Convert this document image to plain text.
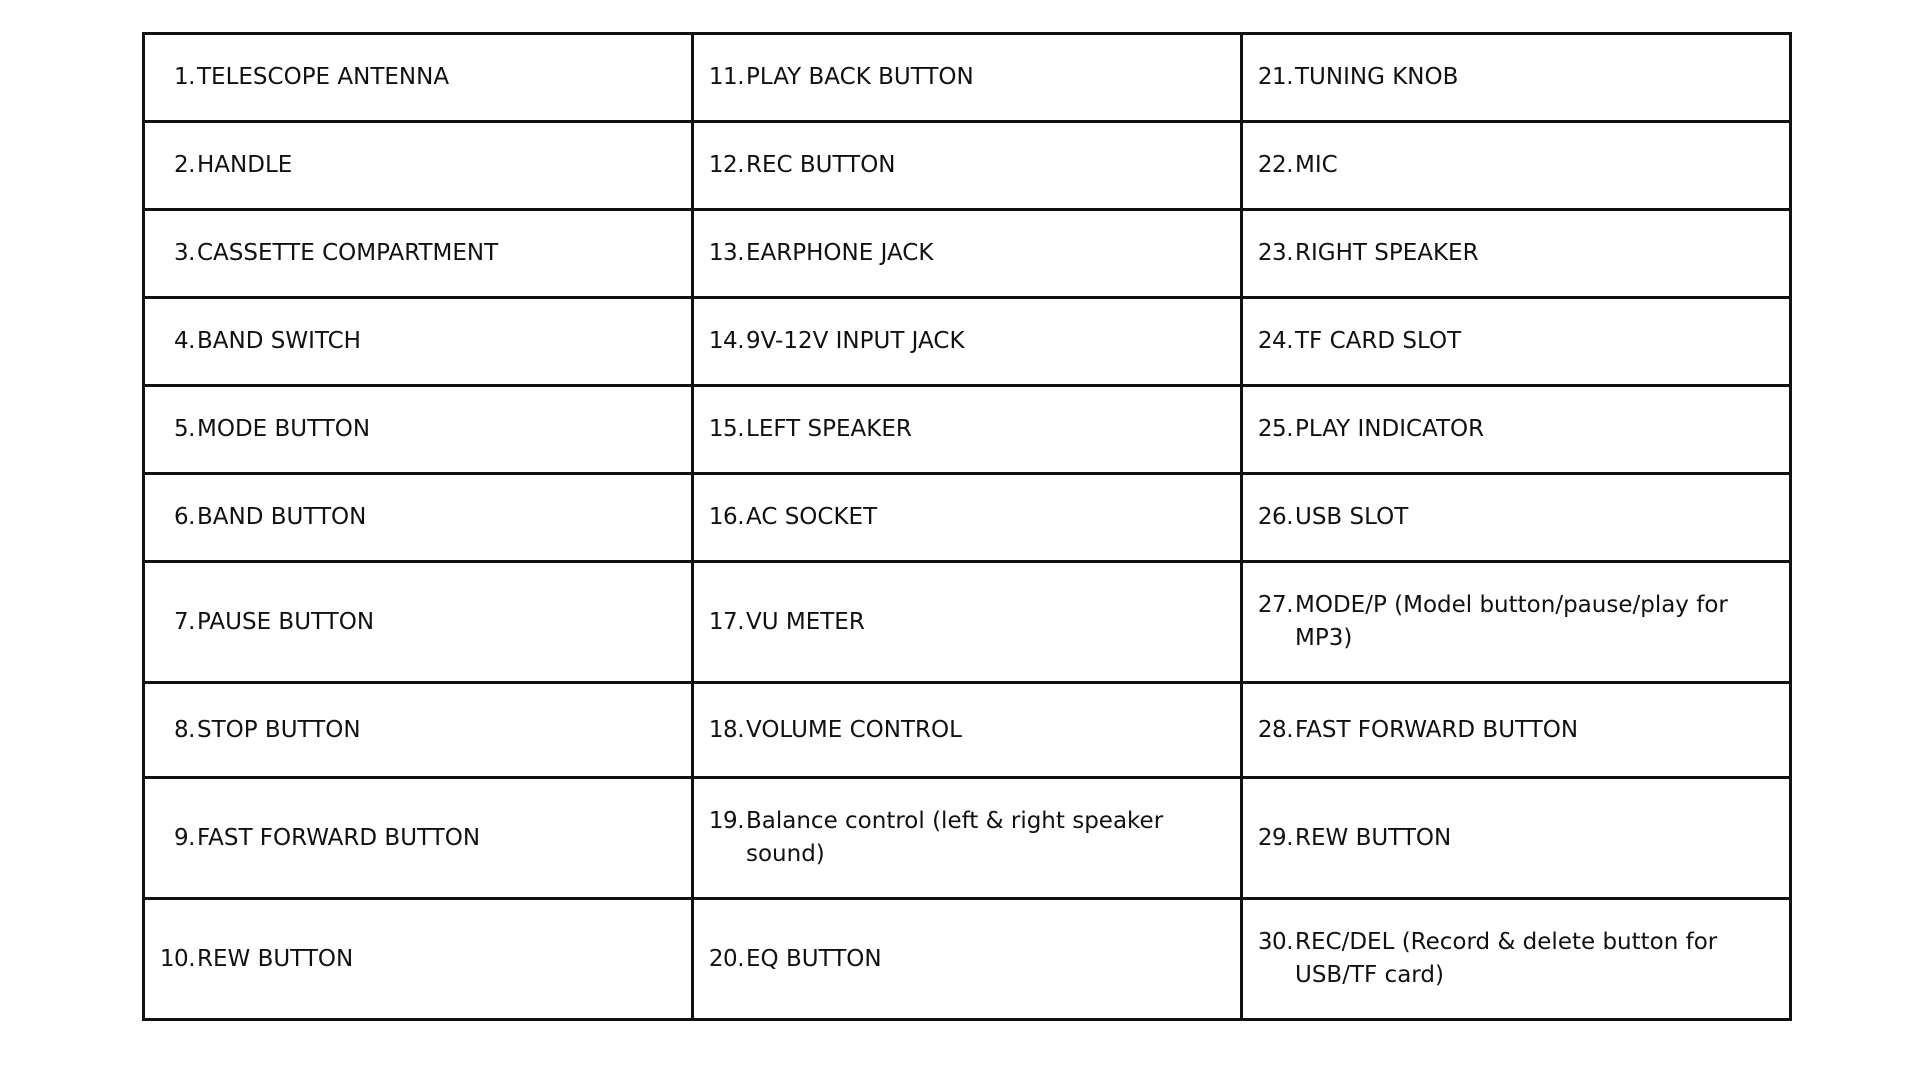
1. TELESCOPE ANTENNA	11. PLAY BACK BUTTON	21. TUNING KNOB

2. HANDLE	12. REC BUTTON	22. MIC

3. CASSETTE COMPARTMENT	13. EARPHONE JACK	23. RIGHT SPEAKER

4. BAND SWITCH	14. 9V-12V INPUT JACK	24. TF CARD SLOT

5. MODE BUTTON	15. LEFT SPEAKER	25. PLAY INDICATOR

6. BAND BUTTON	16. AC SOCKET	26. USB SLOT

7. PAUSE BUTTON	17. VU METER	27. MODE/P (Model button/pause/play for MP3)

8. STOP BUTTON	18. VOLUME CONTROL	28. FAST FORWARD BUTTON

9. FAST FORWARD BUTTON	19. Balance control (left & right speaker sound)	29. REW BUTTON

10. REW BUTTON	20. EQ BUTTON	30. REC/DEL (Record & delete button for USB/TF card)
